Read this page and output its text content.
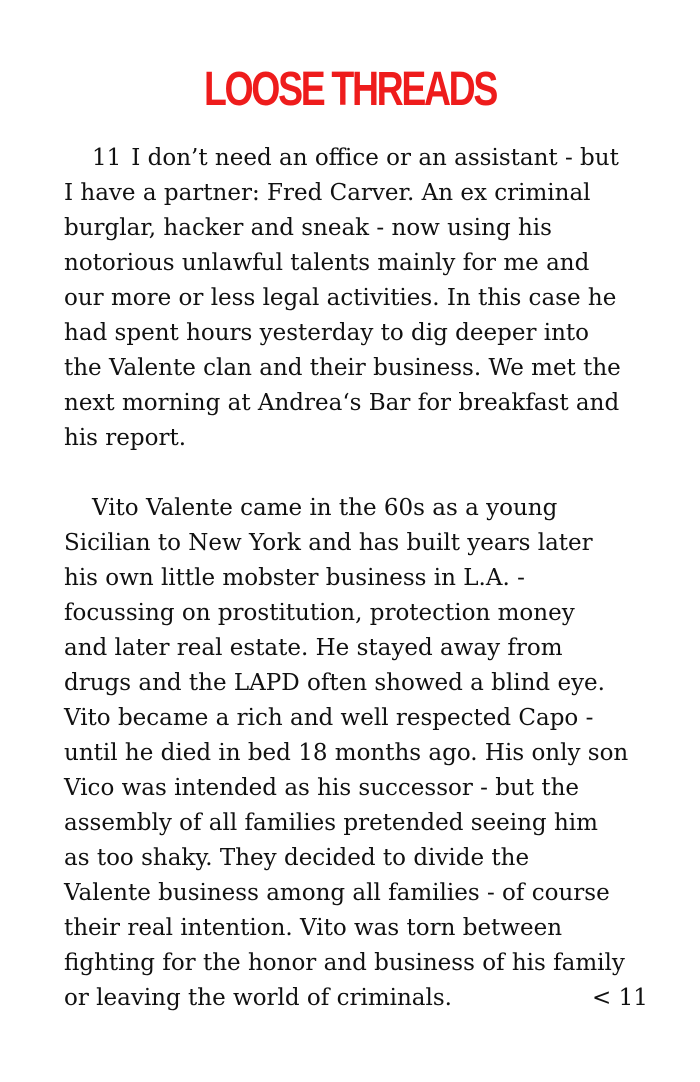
LOOSE THREADS
11 I don’t need an office or an assistant - but
I have a partner: Fred Carver. An ex criminal
burglar, hacker and sneak - now using his
notorious unlawful talents mainly for me and
our more or less legal activities. In this case he
had spent hours yesterday to dig deeper into
the Valente clan and their business. We met the
next morning at Andrea‘s Bar for breakfast and
his report.
Vito Valente came in the 60s as a young
Sicilian to New York and has built years later
his own little mobster business in L.A. -
focussing on prostitution, protection money
and later real estate. He stayed away from
drugs and the LAPD often showed a blind eye.
Vito became a rich and well respected Capo -
until he died in bed 18 months ago. His only son
Vico was intended as his successor - but the
assembly of all families pretended seeing him
as too shaky. They decided to divide the
Valente business among all families - of course
their real intention. Vito was torn between
fighting for the honor and business of his family
or leaving the world of criminals.	< 11
